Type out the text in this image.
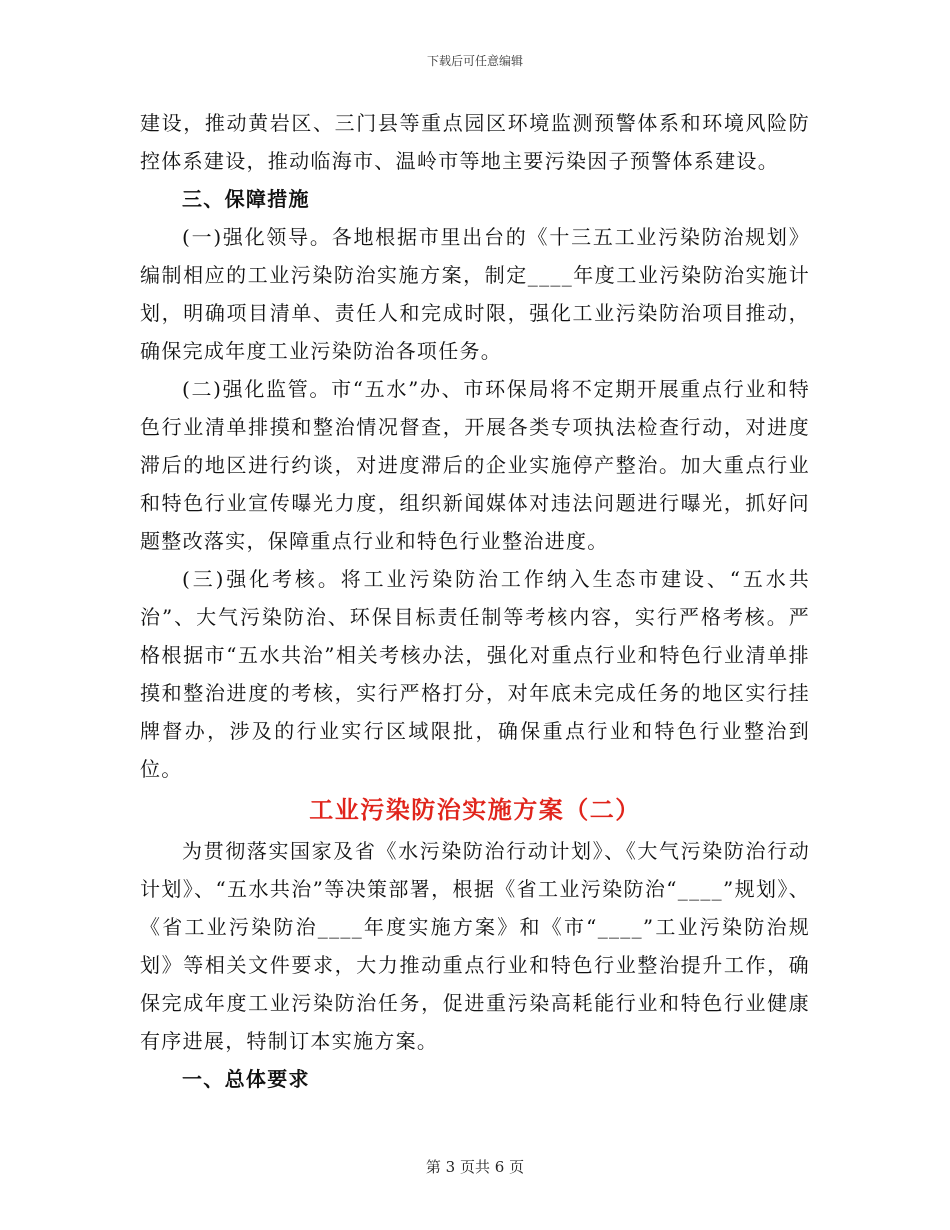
下载后可任意编辑

建设，推动黄岩区、三门县等重点园区环境监测预警体系和环境风险防控体系建设，推动临海市、温岭市等地主要污染因子预警体系建设。

三、保障措施

(一)强化领导。各地根据市里出台的《十三五工业污染防治规划》编制相应的工业污染防治实施方案，制定____年度工业污染防治实施计划，明确项目清单、责任人和完成时限，强化工业污染防治项目推动，确保完成年度工业污染防治各项任务。

(二)强化监管。市“五水”办、市环保局将不定期开展重点行业和特色行业清单排摸和整治情况督查，开展各类专项执法检查行动，对进度滞后的地区进行约谈，对进度滞后的企业实施停产整治。加大重点行业和特色行业宣传曝光力度，组织新闻媒体对违法问题进行曝光，抓好问题整改落实，保障重点行业和特色行业整治进度。

(三)强化考核。将工业污染防治工作纳入生态市建设、“五水共治”、大气污染防治、环保目标责任制等考核内容，实行严格考核。严格根据市“五水共治”相关考核办法，强化对重点行业和特色行业清单排摸和整治进度的考核，实行严格打分，对年底未完成任务的地区实行挂牌督办，涉及的行业实行区域限批，确保重点行业和特色行业整治到位。

工业污染防治实施方案（二）

为贯彻落实国家及省《水污染防治行动计划》、《大气污染防治行动计划》、“五水共治”等决策部署，根据《省工业污染防治“____”规划》、《省工业污染防治____年度实施方案》和《市“____”工业污染防治规划》等相关文件要求，大力推动重点行业和特色行业整治提升工作，确保完成年度工业污染防治任务，促进重污染高耗能行业和特色行业健康有序进展，特制订本实施方案。

一、总体要求

第 3 页共 6 页
